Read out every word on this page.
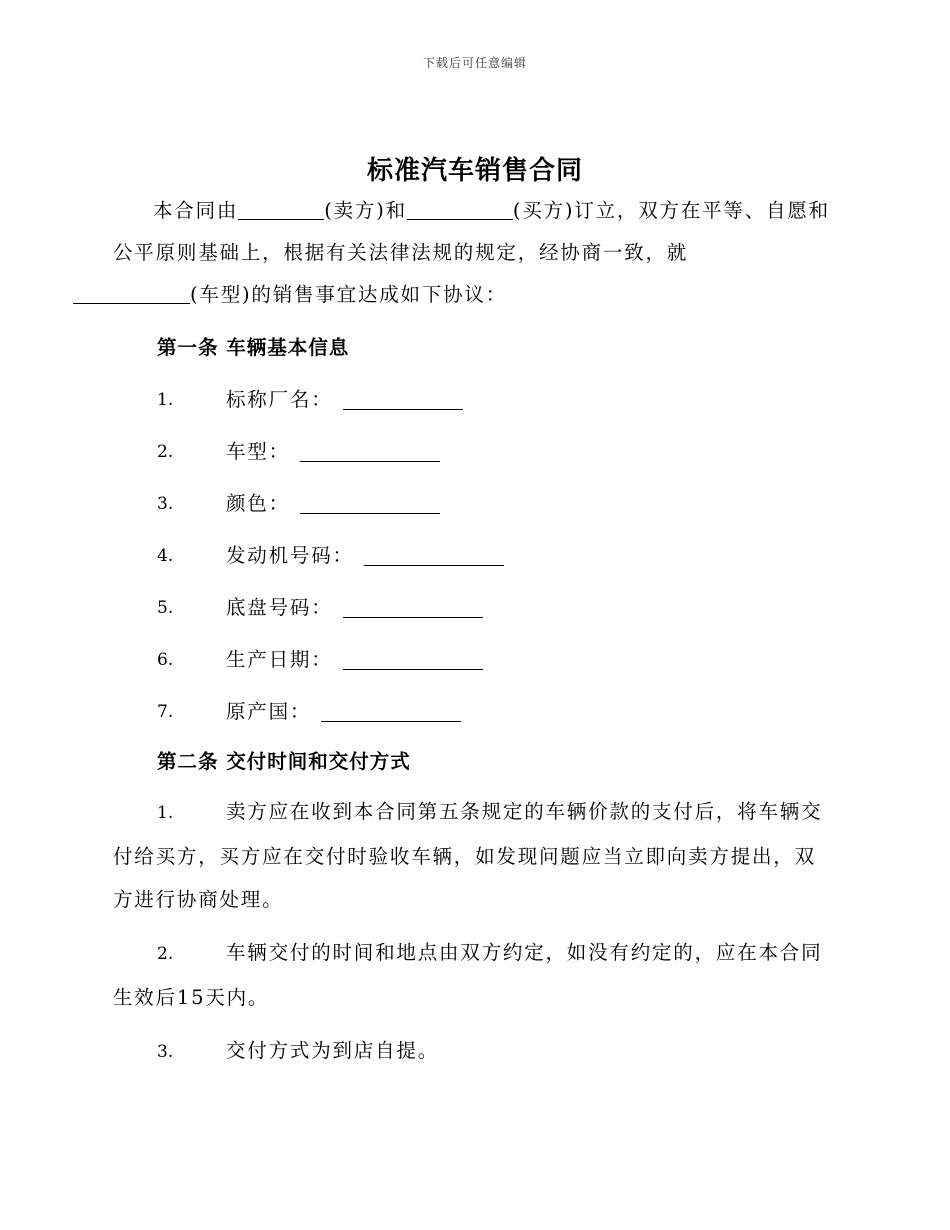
下载后可任意编辑
标准汽车销售合同

本合同由	(卖方)和	(买方)订立，双方在平等、自愿和公平原则基础上，根据有关法律法规的规定，经协商一致，就
(车型)的销售事宜达成如下协议：

第一条 车辆基本信息

1.	标称厂名：
2.	车型：
3.	颜色：
4.	发动机号码：
5.	底盘号码：
6.	生产日期：
7.	原产国：

第二条 交付时间和交付方式

1.	卖方应在收到本合同第五条规定的车辆价款的支付后，将车辆交付给买方，买方应在交付时验收车辆，如发现问题应当立即向卖方提出，双方进行协商处理。

2.	车辆交付的时间和地点由双方约定，如没有约定的，应在本合同生效后15天内。

3.	交付方式为到店自提。
